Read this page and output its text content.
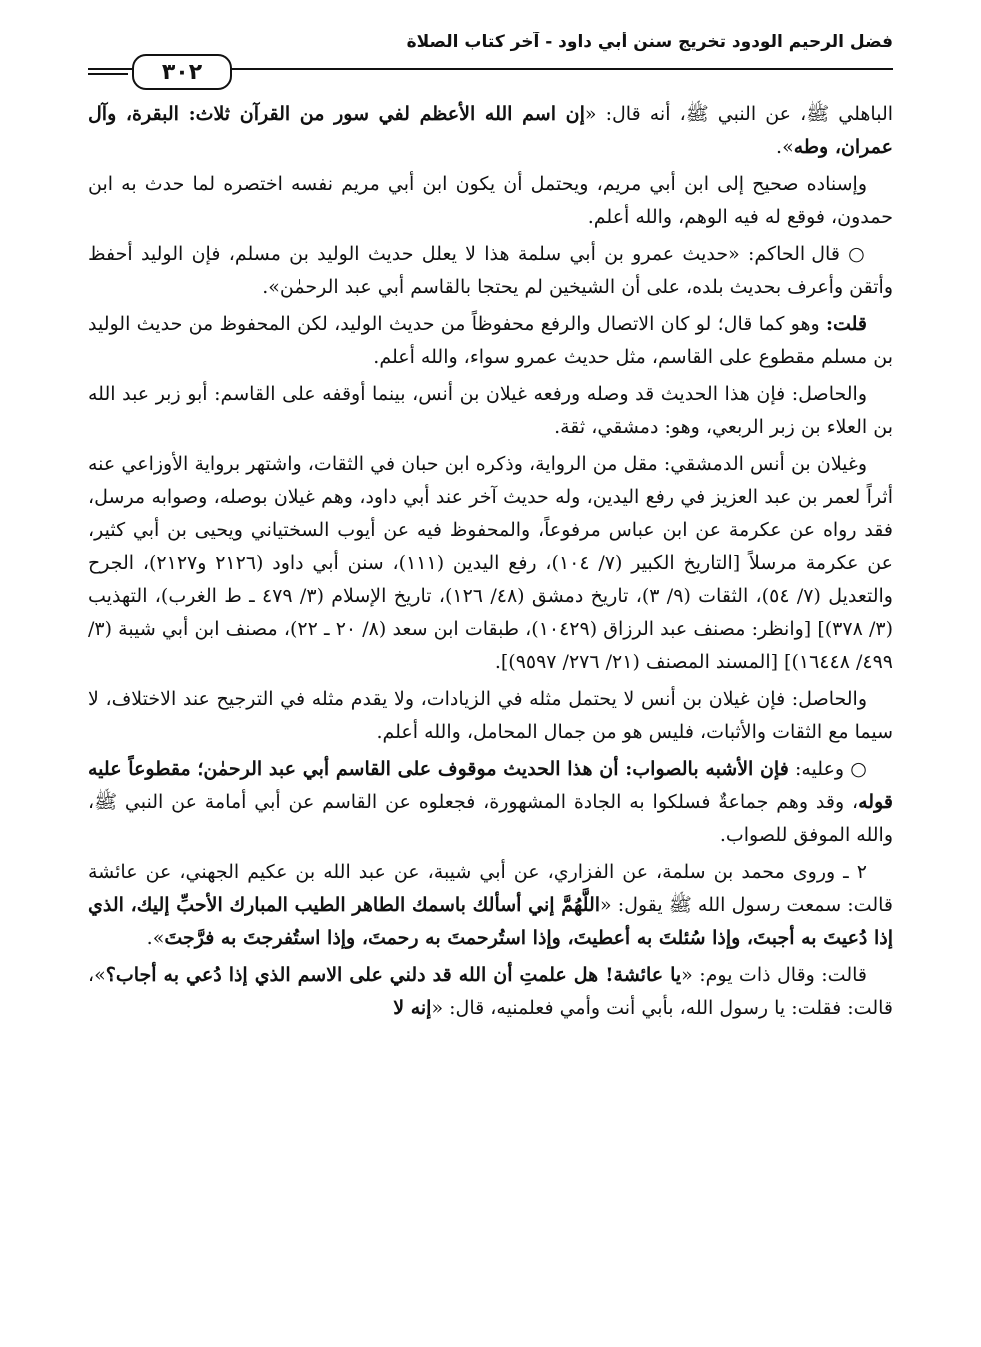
فضل الرحيم الودود تخريج سنن أبي داود - آخر كتاب الصلاة
٣٠٢

الباهلي ﷺ، عن النبي ﷺ، أنه قال: «إن اسم الله الأعظم لفي سور من القرآن ثلاث: البقرة، وآل عمران، وطه».

وإسناده صحيح إلى ابن أبي مريم، ويحتمل أن يكون ابن أبي مريم نفسه اختصره لما حدث به ابن حمدون، فوقع له فيه الوهم، والله أعلم.

○ قال الحاكم: «حديث عمرو بن أبي سلمة هذا لا يعلل حديث الوليد بن مسلم، فإن الوليد أحفظ وأتقن وأعرف بحديث بلده، على أن الشيخين لم يحتجا بالقاسم أبي عبد الرحمٰن».

قلت: وهو كما قال؛ لو كان الاتصال والرفع محفوظاً من حديث الوليد، لكن المحفوظ من حديث الوليد بن مسلم مقطوع على القاسم، مثل حديث عمرو سواء، والله أعلم.

والحاصل: فإن هذا الحديث قد وصله ورفعه غيلان بن أنس، بينما أوقفه على القاسم: أبو زبر عبد الله بن العلاء بن زبر الربعي، وهو: دمشقي، ثقة.

وغيلان بن أنس الدمشقي: مقل من الرواية، وذكره ابن حبان في الثقات، واشتهر برواية الأوزاعي عنه أثراً لعمر بن عبد العزيز في رفع اليدين، وله حديث آخر عند أبي داود، وهم غيلان بوصله، وصوابه مرسل، فقد رواه عن عكرمة عن ابن عباس مرفوعاً، والمحفوظ فيه عن أيوب السختياني ويحيى بن أبي كثير، عن عكرمة مرسلاً [التاريخ الكبير (٧/ ١٠٤)، رفع اليدين (١١١)، سنن أبي داود (٢١٢٦ و٢١٢٧)، الجرح والتعديل (٧/ ٥٤)، الثقات (٩/ ٣)، تاريخ دمشق (٤٨/ ١٢٦)، تاريخ الإسلام (٣/ ٤٧٩ ـ ط الغرب)، التهذيب (٣/ ٣٧٨)] [وانظر: مصنف عبد الرزاق (١٠٤٢٩)، طبقات ابن سعد (٨/ ٢٠ ـ ٢٢)، مصنف ابن أبي شيبة (٣/ ٤٩٩/ ١٦٤٤٨)] [المسند المصنف (٢١/ ٢٧٦/ ٩٥٩٧)].

والحاصل: فإن غيلان بن أنس لا يحتمل مثله في الزيادات، ولا يقدم مثله في الترجيح عند الاختلاف، لا سيما مع الثقات والأثبات، فليس هو من جمال المحامل، والله أعلم.

○ وعليه: فإن الأشبه بالصواب: أن هذا الحديث موقوف على القاسم أبي عبد الرحمٰن؛ مقطوعاً عليه قوله، وقد وهم جماعةٌ فسلكوا به الجادة المشهورة، فجعلوه عن القاسم عن أبي أمامة عن النبي ﷺ، والله الموفق للصواب.

٢ ـ وروى محمد بن سلمة، عن الفزاري، عن أبي شيبة، عن عبد الله بن عكيم الجهني، عن عائشة قالت: سمعت رسول الله ﷺ يقول: «اللَّهُمَّ إني أسألك باسمك الطاهر الطيب المبارك الأحبِّ إليك، الذي إذا دُعيتَ به أجبتَ، وإذا سُئلتَ به أعطيتَ، وإذا استُرحمتَ به رحمتَ، وإذا استُفرجتَ به فرَّجتَ».

قالت: وقال ذات يوم: «يا عائشة! هل علمتِ أن الله قد دلني على الاسم الذي إذا دُعي به أجاب؟»، قالت: فقلت: يا رسول الله، بأبي أنت وأمي فعلمنيه، قال: «إنه لا
